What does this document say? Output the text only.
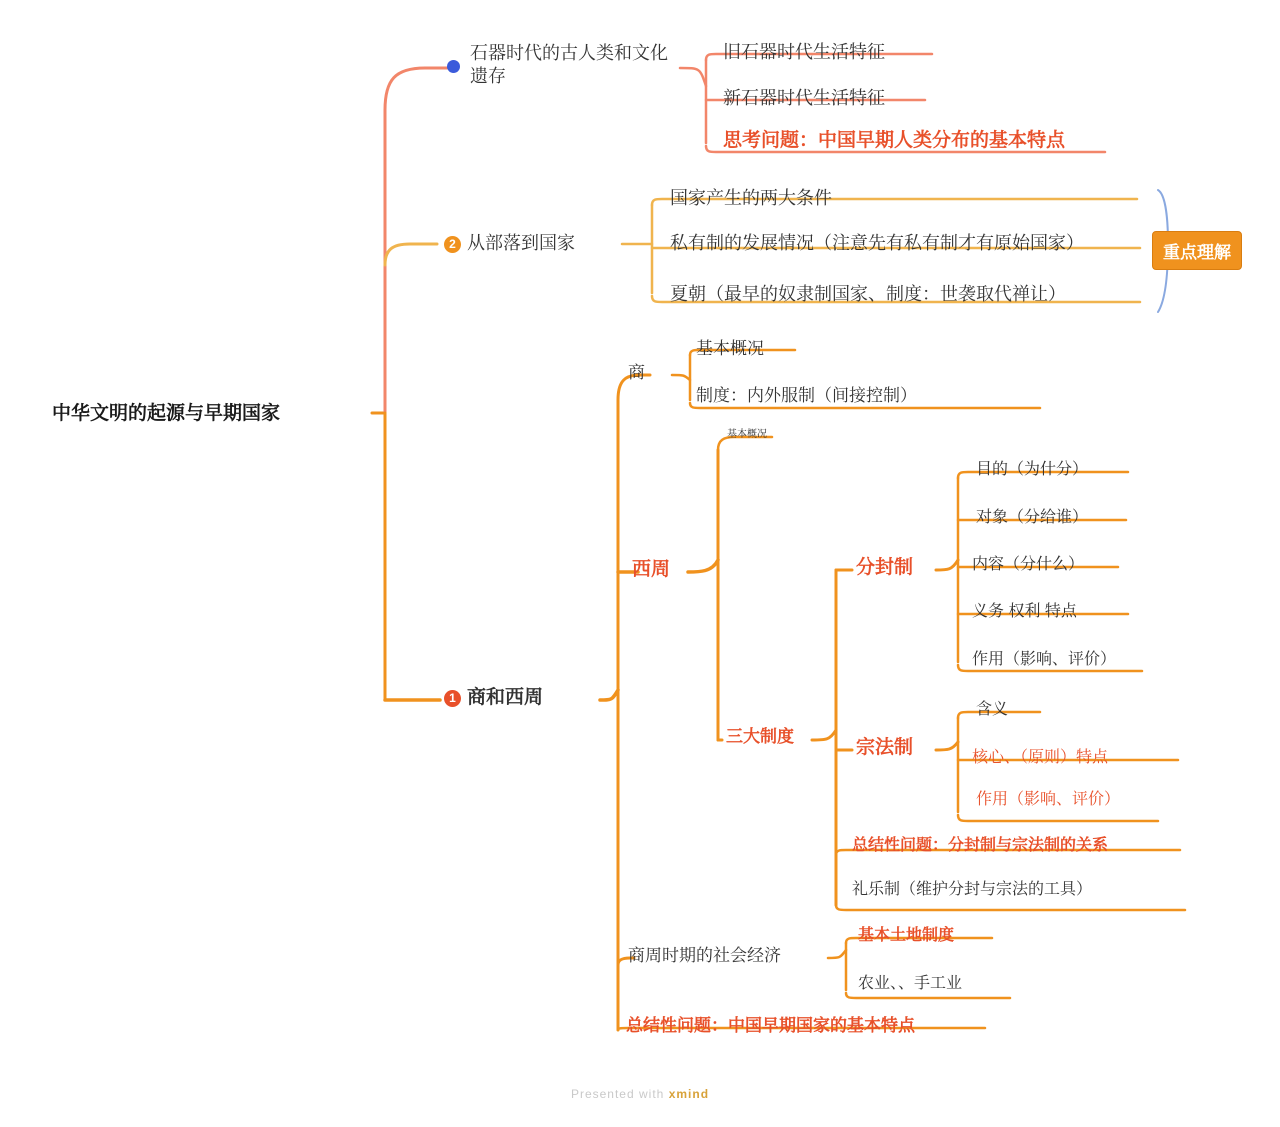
中华文明的起源与早期国家
石器时代的古人类和文化遗存
旧石器时代生活特征
新石器时代生活特征
思考问题：中国早期人类分布的基本特点
2 从部落到国家
国家产生的两大条件
私有制的发展情况（注意先有私有制才有原始国家）
夏朝（最早的奴隶制国家、制度：世袭取代禅让）
重点理解
1 商和西周
商
基本概况
制度：内外服制（间接控制）
西周
基本概况
三大制度
分封制
目的（为什分）
对象（分给谁）
内容（分什么）
义务 权利 特点
作用（影响、评价）
宗法制
含义
核心、（原则）特点
作用（影响、评价）
总结性问题：分封制与宗法制的关系
礼乐制（维护分封与宗法的工具）
商周时期的社会经济
基本土地制度
农业、、手工业
总结性问题：中国早期国家的基本特点
Presented with xmind
